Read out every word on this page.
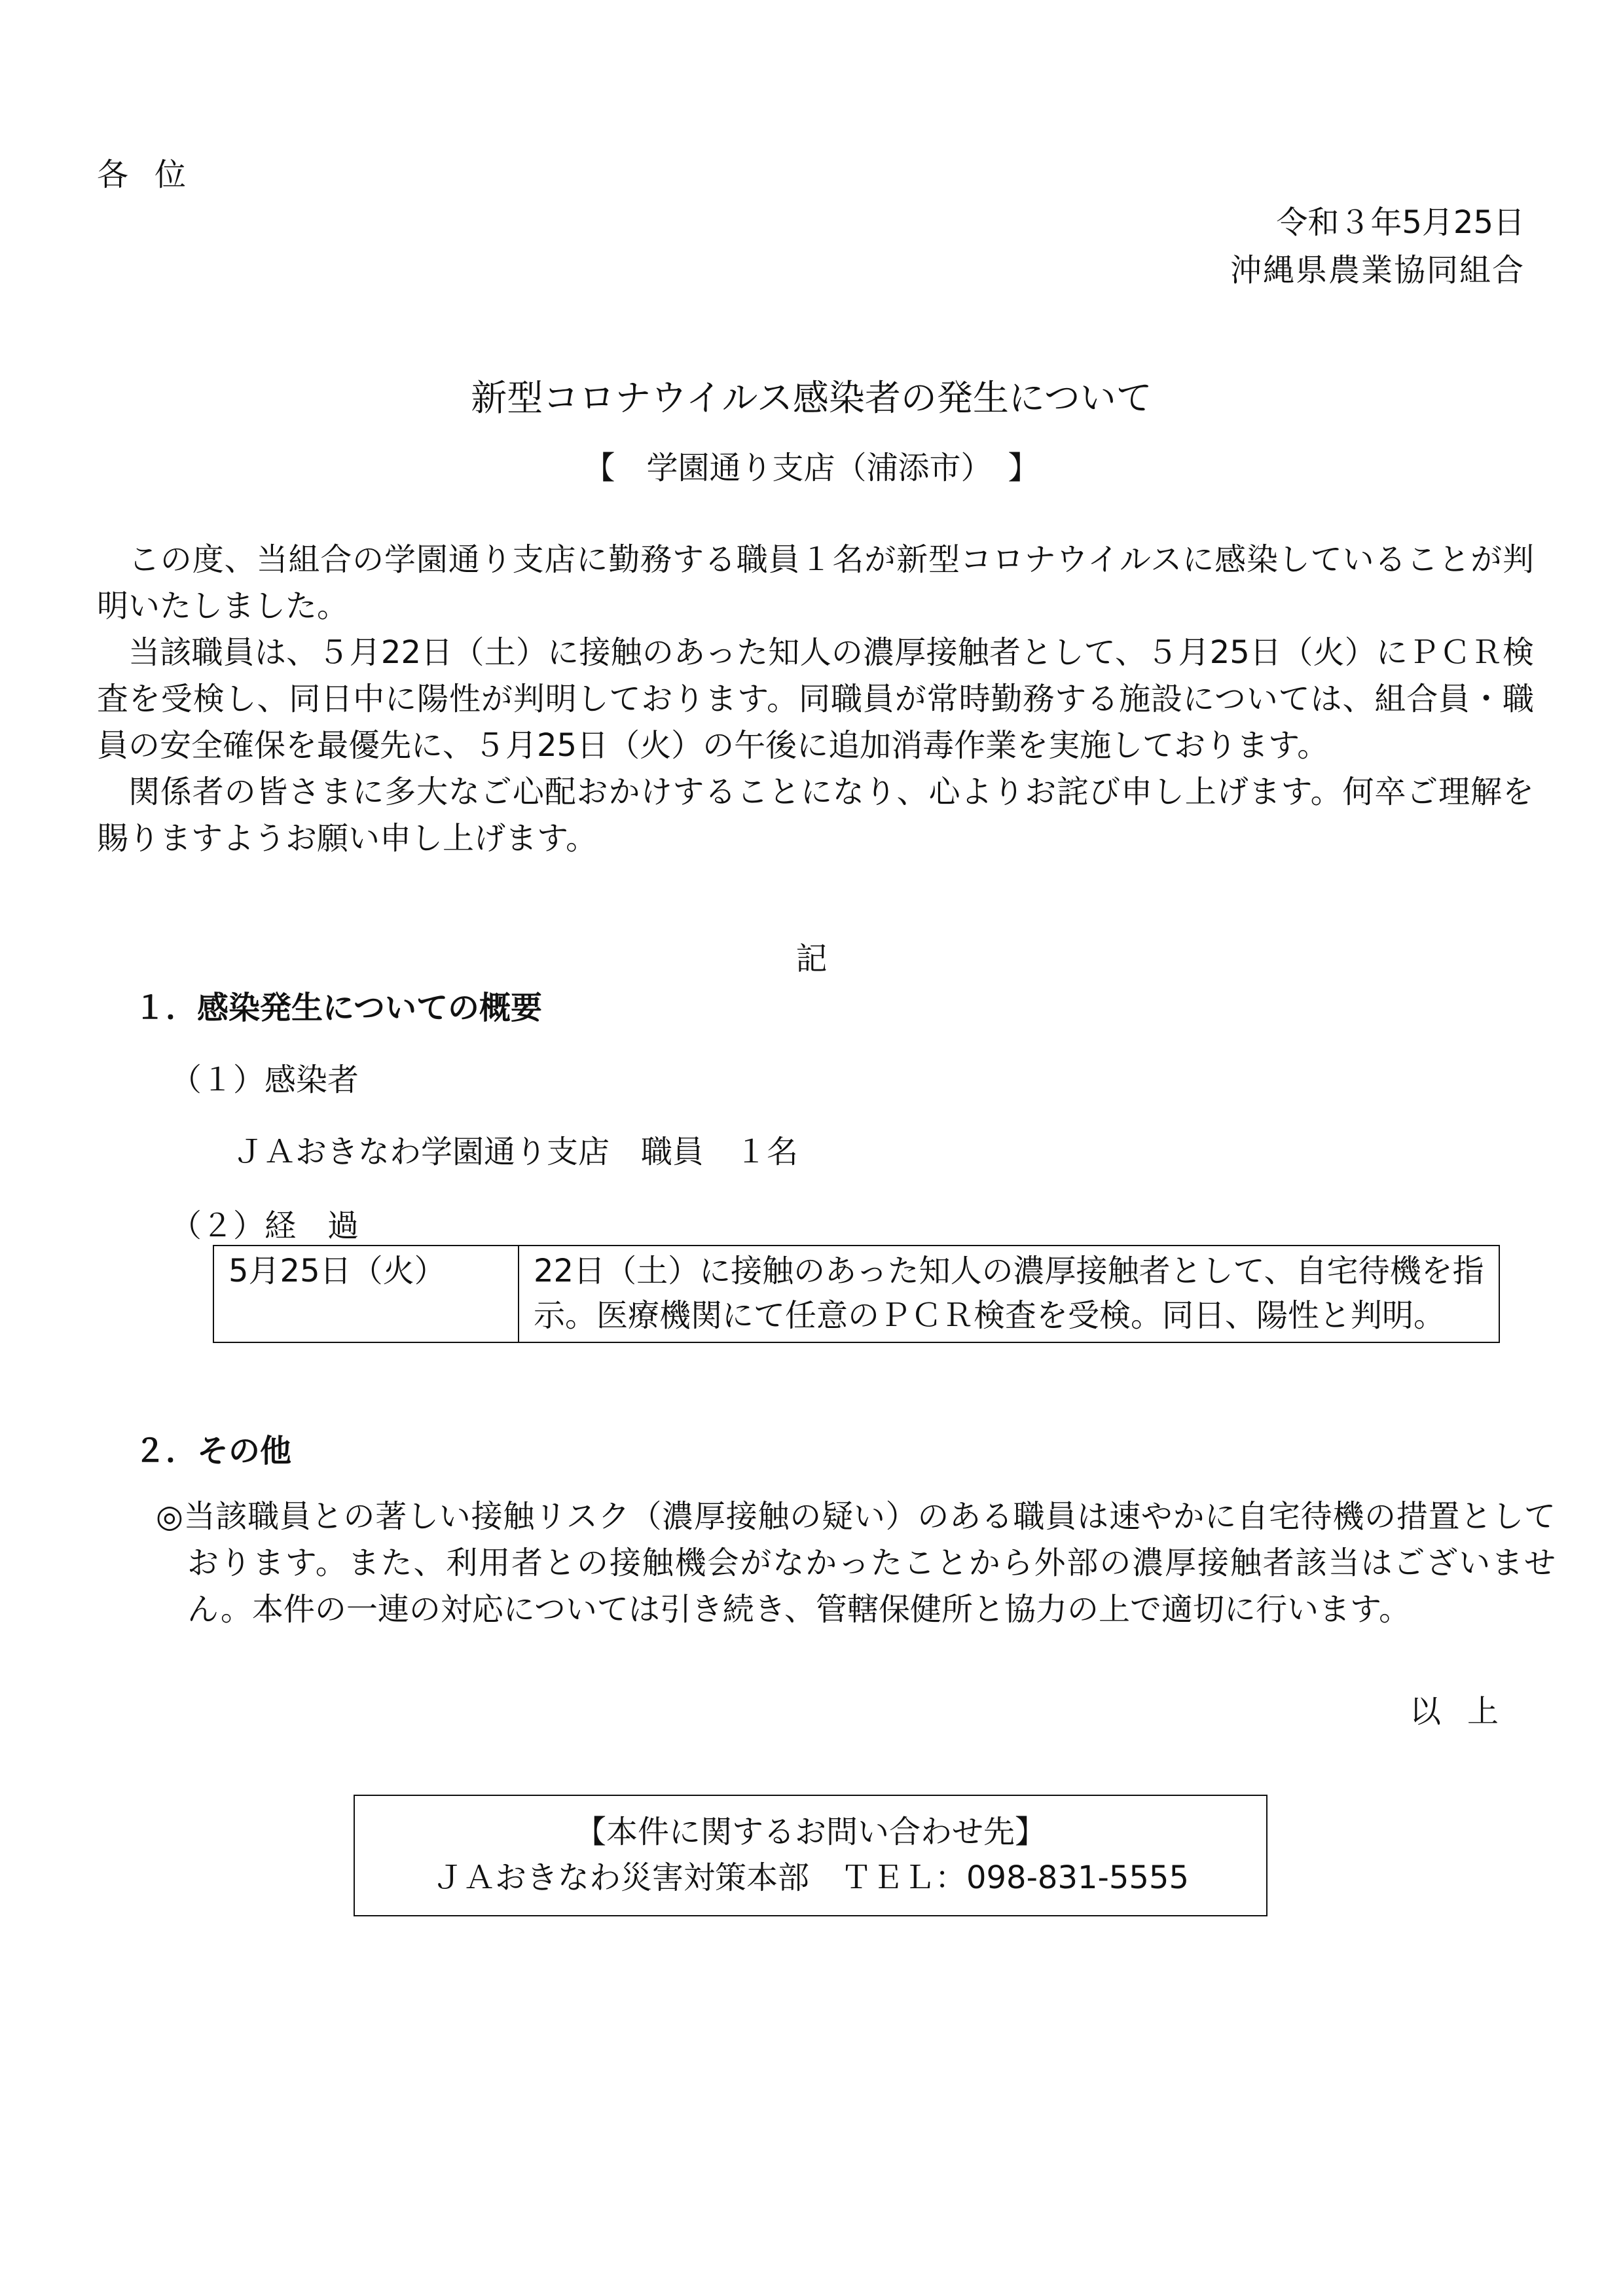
各位
令和３年5月25日
沖縄県農業協同組合
新型コロナウイルス感染者の発生について
【　学園通り支店（浦添市）　】

この度、当組合の学園通り支店に勤務する職員１名が新型コロナウイルスに感染していることが判明いたしました。

当該職員は、５月22日（土）に接触のあった知人の濃厚接触者として、５月25日（火）にＰＣＲ検査を受検し、同日中に陽性が判明しております。同職員が常時勤務する施設については、組合員・職員の安全確保を最優先に、５月25日（火）の午後に追加消毒作業を実施しております。

関係者の皆さまに多大なご心配おかけすることになり、心よりお詫び申し上げます。何卒ご理解を賜りますようお願い申し上げます。

記
１．感染発生についての概要
（１）感染者
ＪＡおきなわ学園通り支店　職員　１名
（２）経　過
5月25日（火）	22日（土）に接触のあった知人の濃厚接触者として、自宅待機を指示。医療機関にて任意のＰＣＲ検査を受検。同日、陽性と判明。
２．その他
◎当該職員との著しい接触リスク（濃厚接触の疑い）のある職員は速やかに自宅待機の措置としております。また、利用者との接触機会がなかったことから外部の濃厚接触者該当はございません。本件の一連の対応については引き続き、管轄保健所と協力の上で適切に行います。
以上
【本件に関するお問い合わせ先】
ＪＡおきなわ災害対策本部　ＴＥＬ：098-831-5555
